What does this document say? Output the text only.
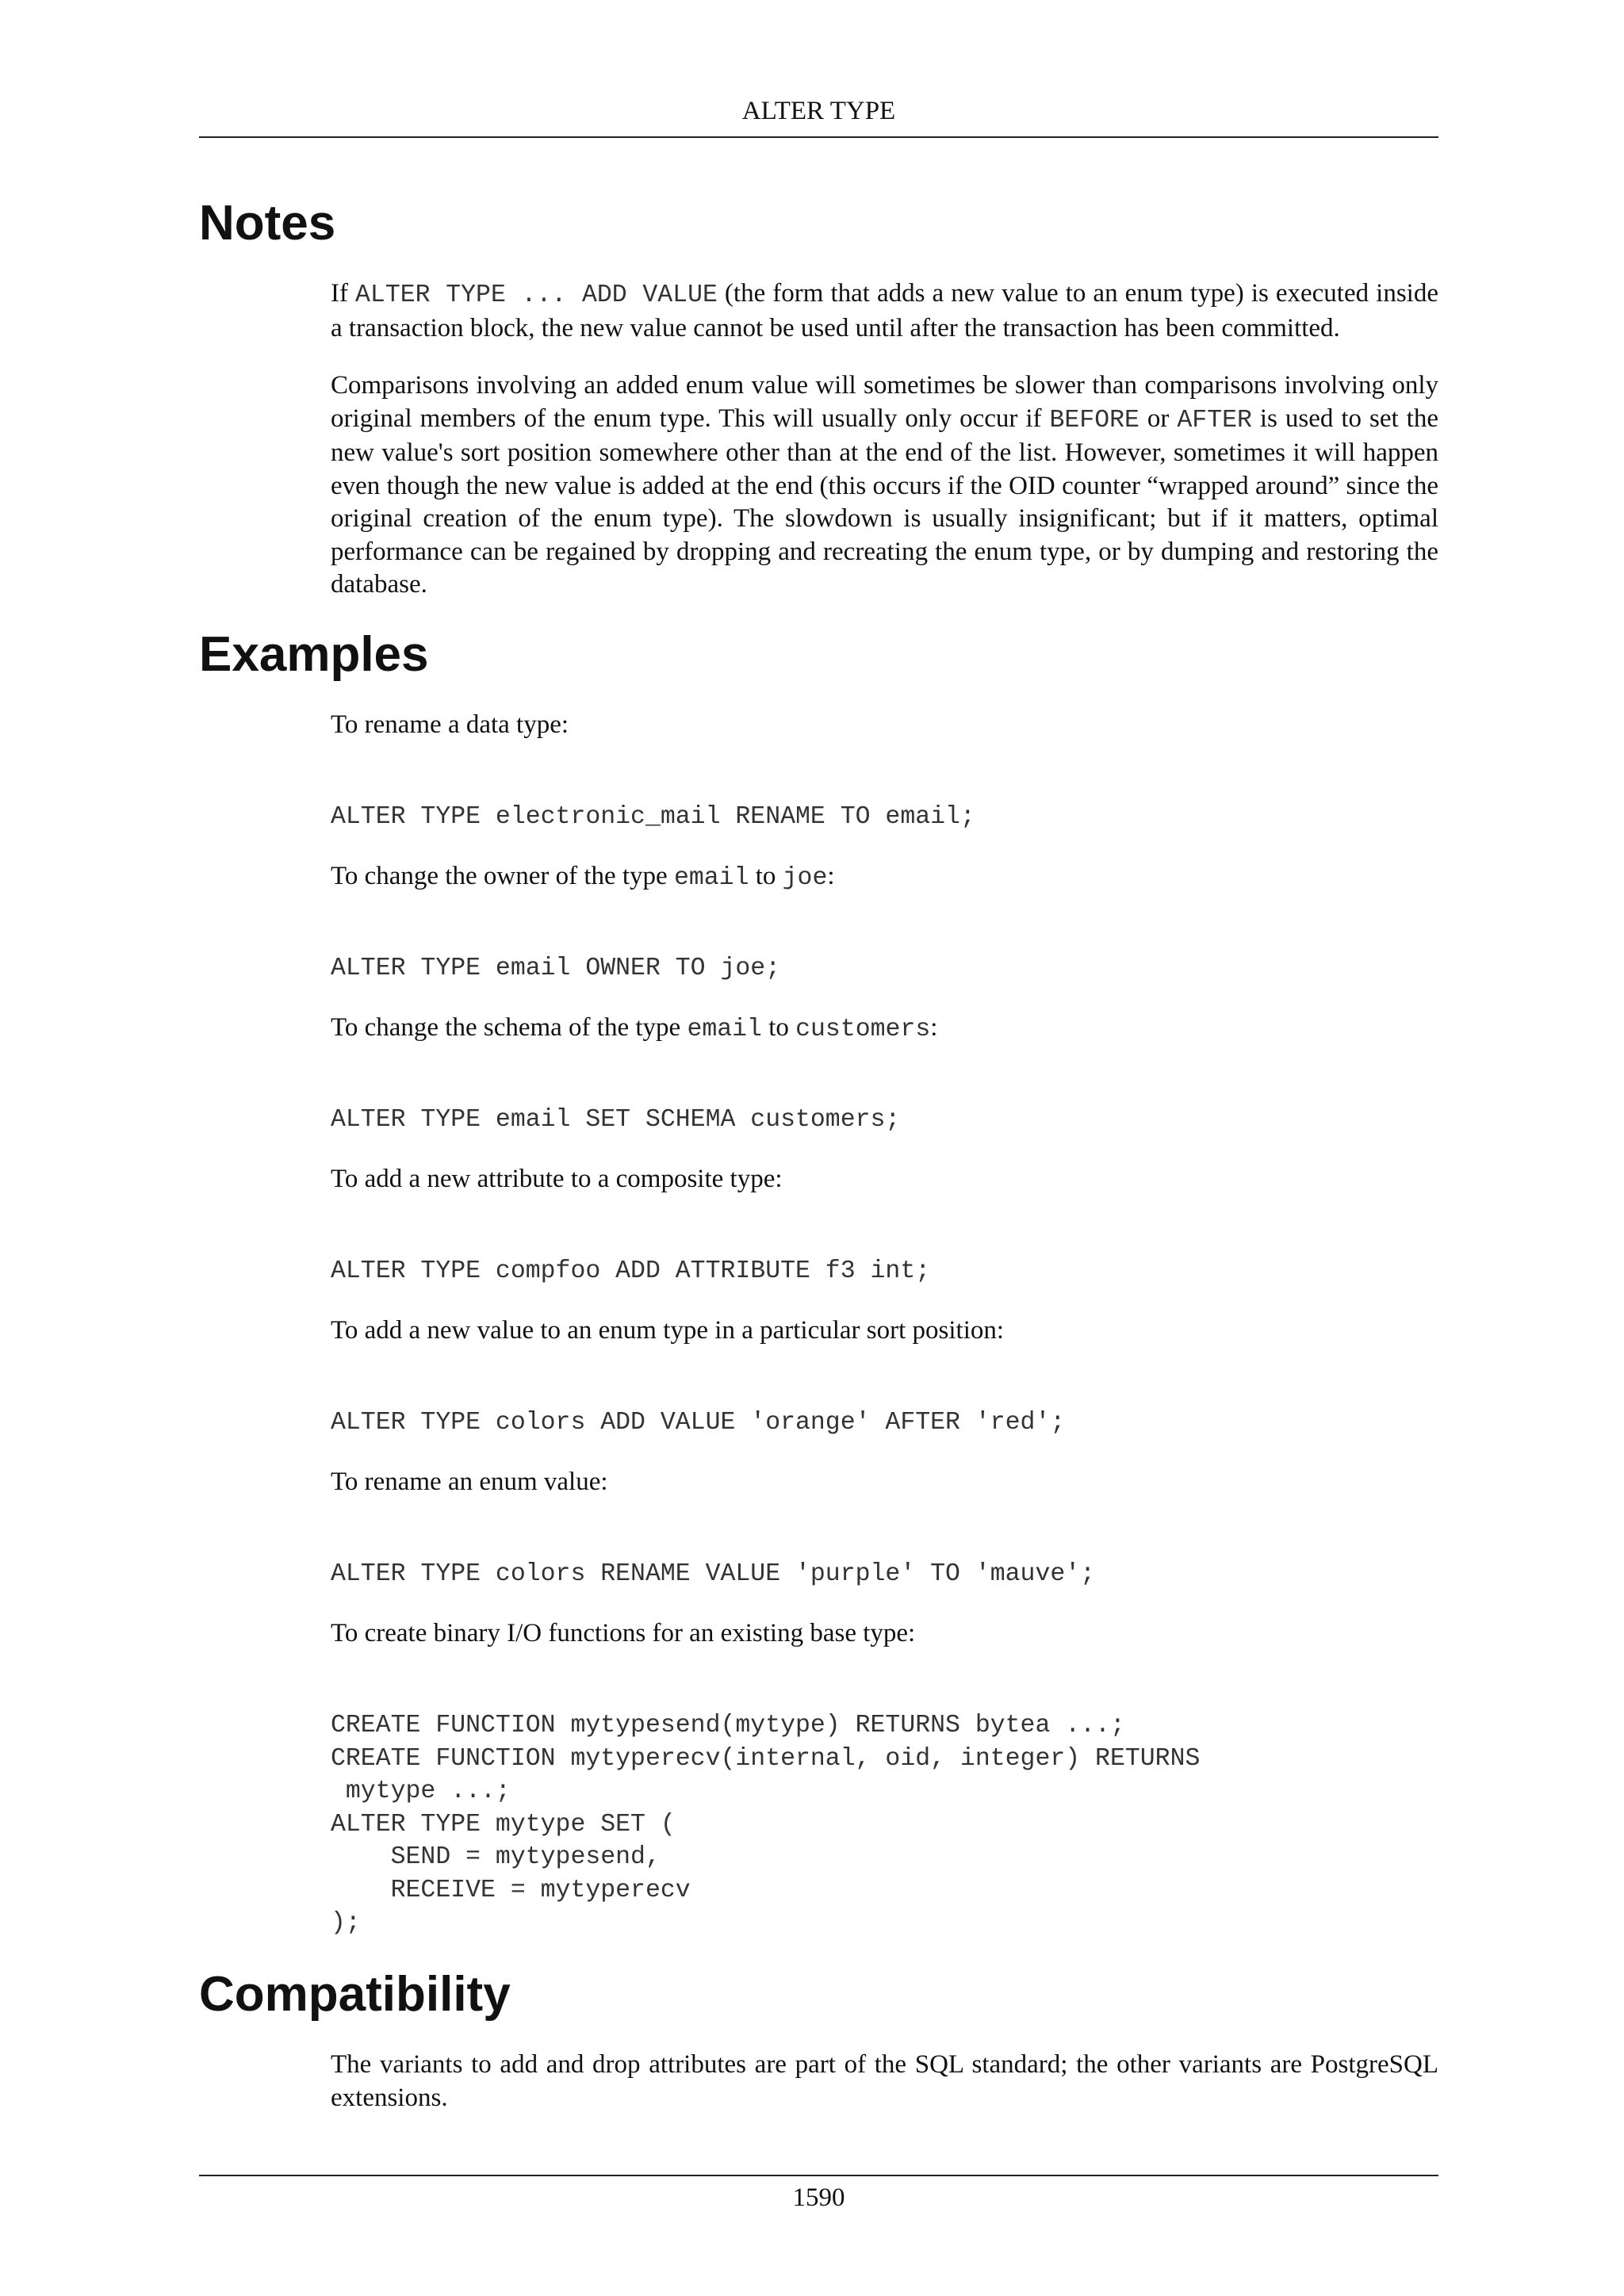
ALTER TYPE
Notes

If ALTER TYPE ... ADD VALUE (the form that adds a new value to an enum type) is executed inside a transaction block, the new value cannot be used until after the transaction has been committed.

Comparisons involving an added enum value will sometimes be slower than comparisons involving only original members of the enum type. This will usually only occur if BEFORE or AFTER is used to set the new value's sort position somewhere other than at the end of the list. However, sometimes it will happen even though the new value is added at the end (this occurs if the OID counter “wrapped around” since the original creation of the enum type). The slowdown is usually insignificant; but if it matters, optimal performance can be regained by dropping and recreating the enum type, or by dumping and restoring the database.

Examples

To rename a data type:

ALTER TYPE electronic_mail RENAME TO email;

To change the owner of the type email to joe:

ALTER TYPE email OWNER TO joe;

To change the schema of the type email to customers:

ALTER TYPE email SET SCHEMA customers;

To add a new attribute to a composite type:

ALTER TYPE compfoo ADD ATTRIBUTE f3 int;

To add a new value to an enum type in a particular sort position:

ALTER TYPE colors ADD VALUE 'orange' AFTER 'red';

To rename an enum value:

ALTER TYPE colors RENAME VALUE 'purple' TO 'mauve';

To create binary I/O functions for an existing base type:

CREATE FUNCTION mytypesend(mytype) RETURNS bytea ...;
CREATE FUNCTION mytyperecv(internal, oid, integer) RETURNS
mytype ...;
ALTER TYPE mytype SET (
SEND = mytypesend,
RECEIVE = mytyperecv
);
Compatibility

The variants to add and drop attributes are part of the SQL standard; the other variants are PostgreSQL extensions.

1590
